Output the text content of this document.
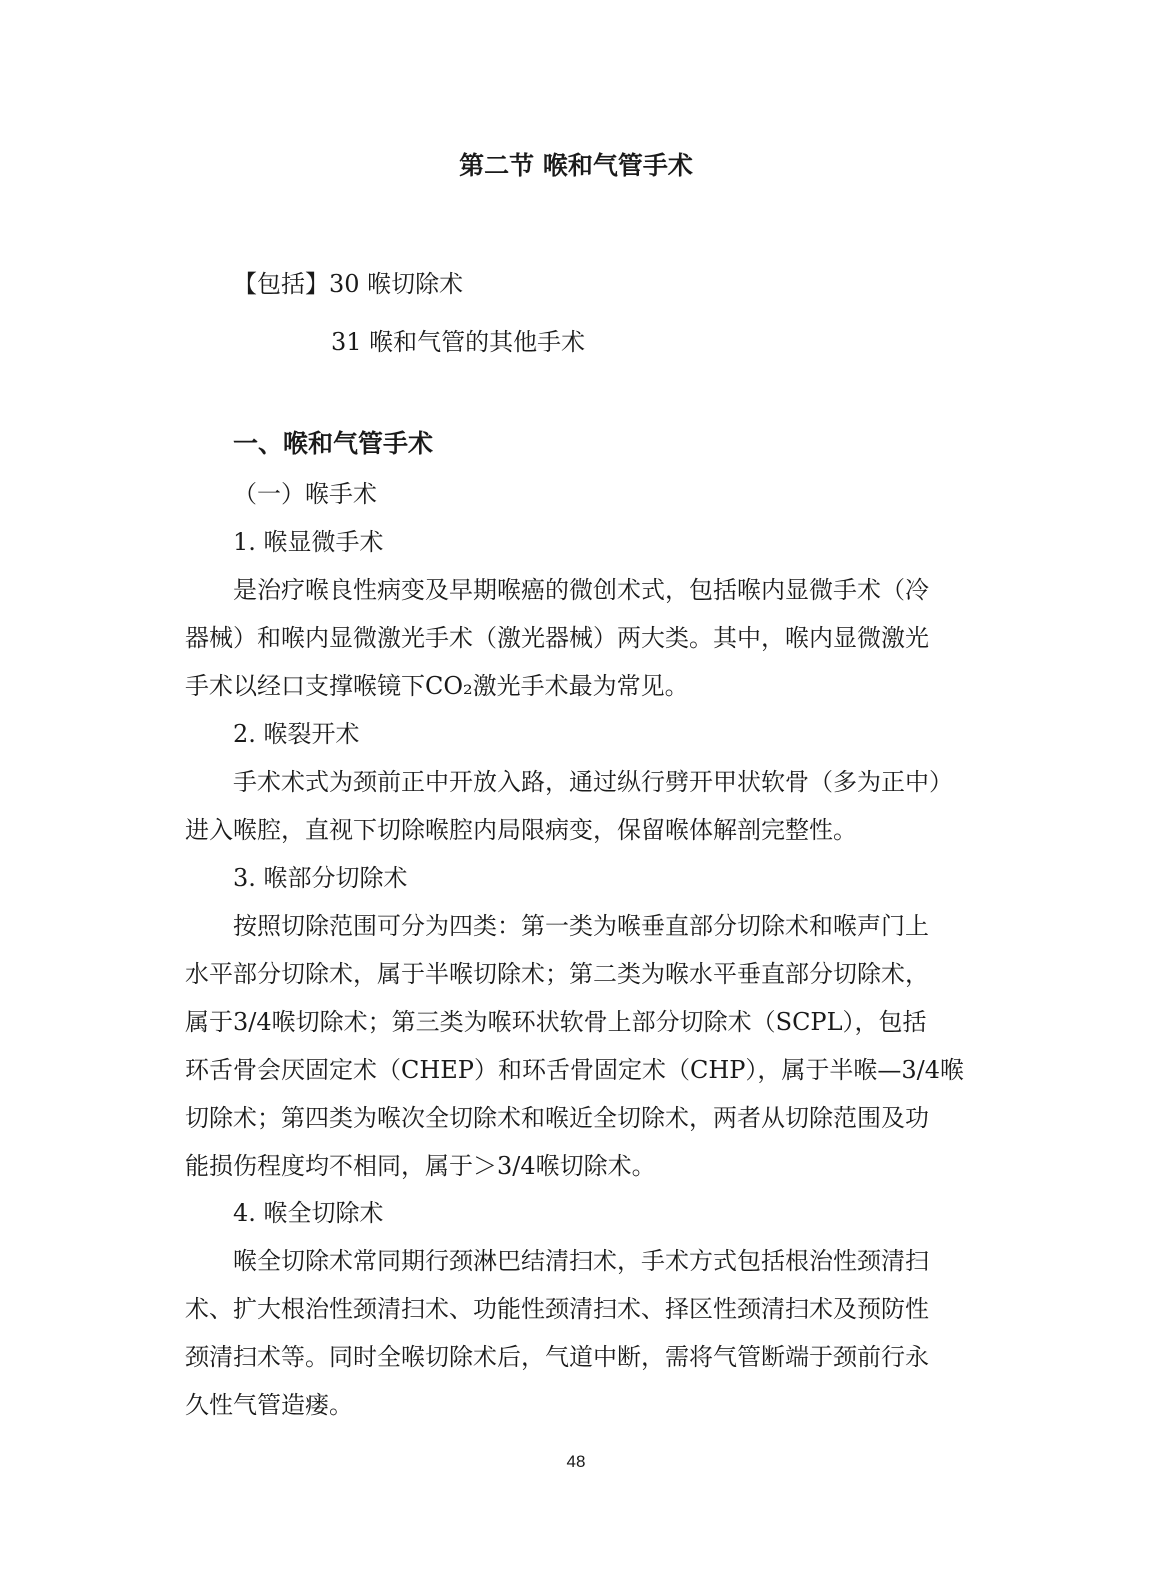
第二节 喉和气管手术
【包括】30 喉切除术
31 喉和气管的其他手术
一、喉和气管手术
（一）喉手术
1. 喉显微手术
是治疗喉良性病变及早期喉癌的微创术式，包括喉内显微手术（冷
器械）和喉内显微激光手术（激光器械）两大类。其中，喉内显微激光
手术以经口支撑喉镜下CO₂激光手术最为常见。
2. 喉裂开术
手术术式为颈前正中开放入路，通过纵行劈开甲状软骨（多为正中）
进入喉腔，直视下切除喉腔内局限病变，保留喉体解剖完整性。
3. 喉部分切除术
按照切除范围可分为四类：第一类为喉垂直部分切除术和喉声门上
水平部分切除术，属于半喉切除术；第二类为喉水平垂直部分切除术，
属于3/4喉切除术；第三类为喉环状软骨上部分切除术（SCPL），包括
环舌骨会厌固定术（CHEP）和环舌骨固定术（CHP），属于半喉—3/4喉
切除术；第四类为喉次全切除术和喉近全切除术，两者从切除范围及功
能损伤程度均不相同，属于＞3/4喉切除术。
4. 喉全切除术
喉全切除术常同期行颈淋巴结清扫术，手术方式包括根治性颈清扫
术、扩大根治性颈清扫术、功能性颈清扫术、择区性颈清扫术及预防性
颈清扫术等。同时全喉切除术后，气道中断，需将气管断端于颈前行永
久性气管造瘘。
48
